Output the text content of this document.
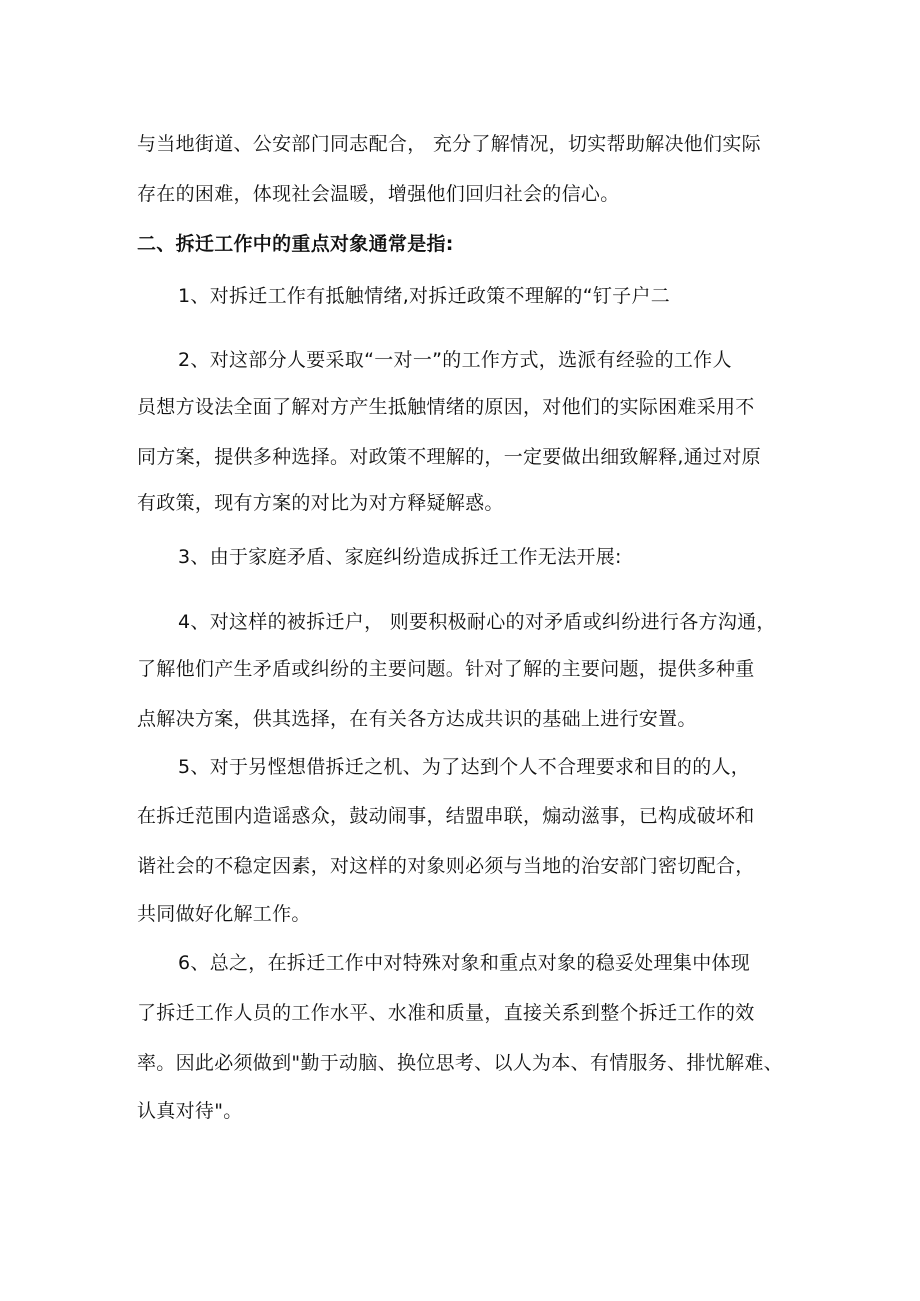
与当地街道、公安部门同志配合， 充分了解情况，切实帮助解决他们实际
存在的困难，体现社会温暖，增强他们回归社会的信心。
二、拆迁工作中的重点对象通常是指:
1、对拆迁工作有抵触情绪,对拆迁政策不理解的“钉子户二
2、对这部分人要采取“一对一”的工作方式，选派有经验的工作人
员想方设法全面了解对方产生抵触情绪的原因，对他们的实际困难采用不
同方案，提供多种选择。对政策不理解的，一定要做出细致解释,通过对原
有政策，现有方案的对比为对方释疑解惑。
3、由于家庭矛盾、家庭纠纷造成拆迁工作无法开展:
4、对这样的被拆迁户， 则要积极耐心的对矛盾或纠纷进行各方沟通，
了解他们产生矛盾或纠纷的主要问题。针对了解的主要问题，提供多种重
点解决方案，供其选择，在有关各方达成共识的基础上进行安置。
5、对于另悭想借拆迁之机、为了达到个人不合理要求和目的的人，
在拆迁范围内造谣惑众，鼓动闹事，结盟串联，煽动滋事，已构成破坏和
谐社会的不稳定因素，对这样的对象则必须与当地的治安部门密切配合，
共同做好化解工作。
6、总之，在拆迁工作中对特殊对象和重点对象的稳妥处理集中体现
了拆迁工作人员的工作水平、水准和质量，直接关系到整个拆迁工作的效
率。因此必须做到"勤于动脑、换位思考、以人为本、有情服务、排忧解难、
认真对待"。
